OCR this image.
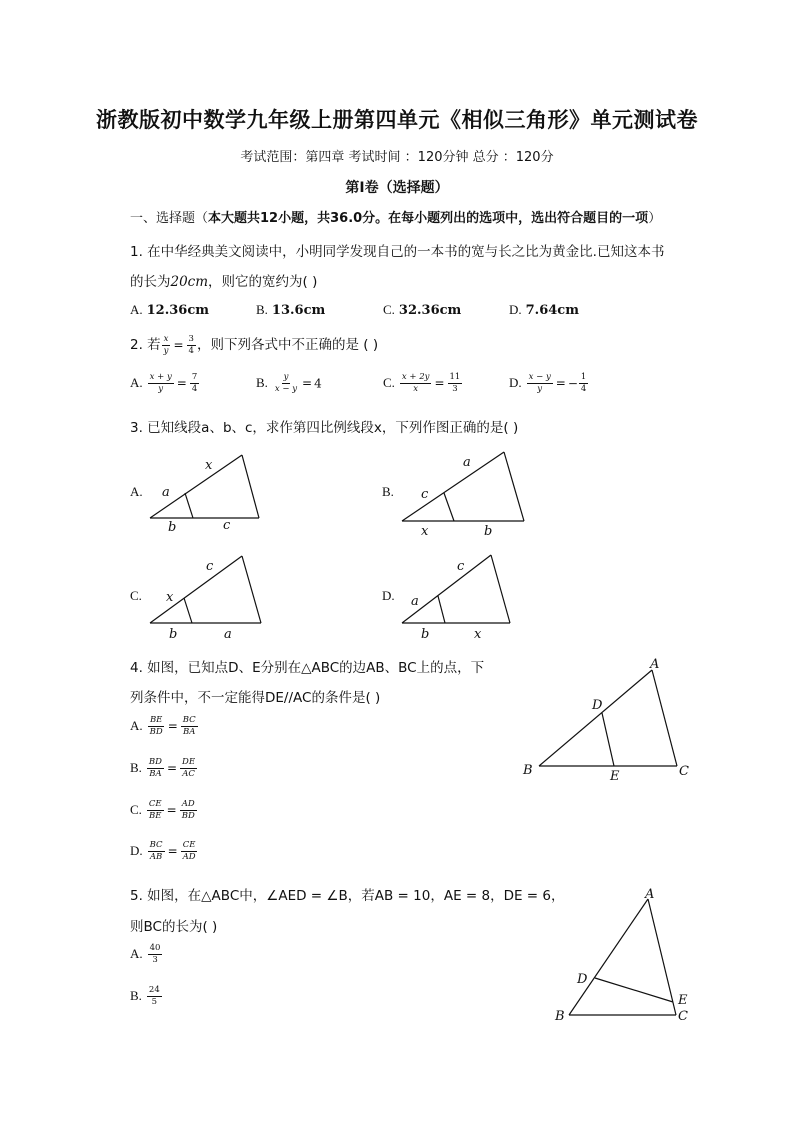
浙教版初中数学九年级上册第四单元《相似三角形》单元测试卷
考试范围：第四章 考试时间 ：120分钟 总分 ：120分
第Ⅰ卷（选择题）
一、选择题（本大题共12小题，共36.0分。在每小题列出的选项中，选出符合题目的一项）
1. 在中华经典美文阅读中，小明同学发现自己的一本书的宽与长之比为黄金比.已知这本书
的长为20cm，则它的宽约为( )
A. 12.36cm	B. 13.6cm	C. 32.36cm	D. 7.64cm
2. 若 $\frac{x}{y} = \frac{3}{4}$ ，则下列各式中不正确的是 ( )
A. $\frac{x + y}{y} = \frac{7}{4}$	B. $\frac{y}{x - y} = 4$	C. $\frac{x + 2y}{x} = \frac{11}{3}$	D. $\frac{x - y}{y}$ = − $\frac{1}{4}$
3. 已知线段a、b、c，求作第四比例线段x，下列作图正确的是( )
A.
x
a
b	c
B.
a
c
x	b
C.
c
x
b	a
D.
c
a
b	x
4. 如图，已知点D、E分别在△ABC的边AB、BC上的点，下
列条件中，不一定能得DE//AC的条件是( )
A. $\frac{BE}{BD} = \frac{BC}{BA}$
B. $\frac{BD}{BA} = \frac{DE}{AC}$
C. $\frac{CE}{BE} = \frac{AD}{BD}$
D. $\frac{BC}{AB} = \frac{CE}{AD}$
A
D
B	E	C
5. 如图，在△ABC中，∠AED = ∠B，若AB = 10，AE = 8，DE = 6，
则BC的长为( )
A. $\frac{40}{3}$
B. $\frac{24}{5}$
A
D
E
B	C
